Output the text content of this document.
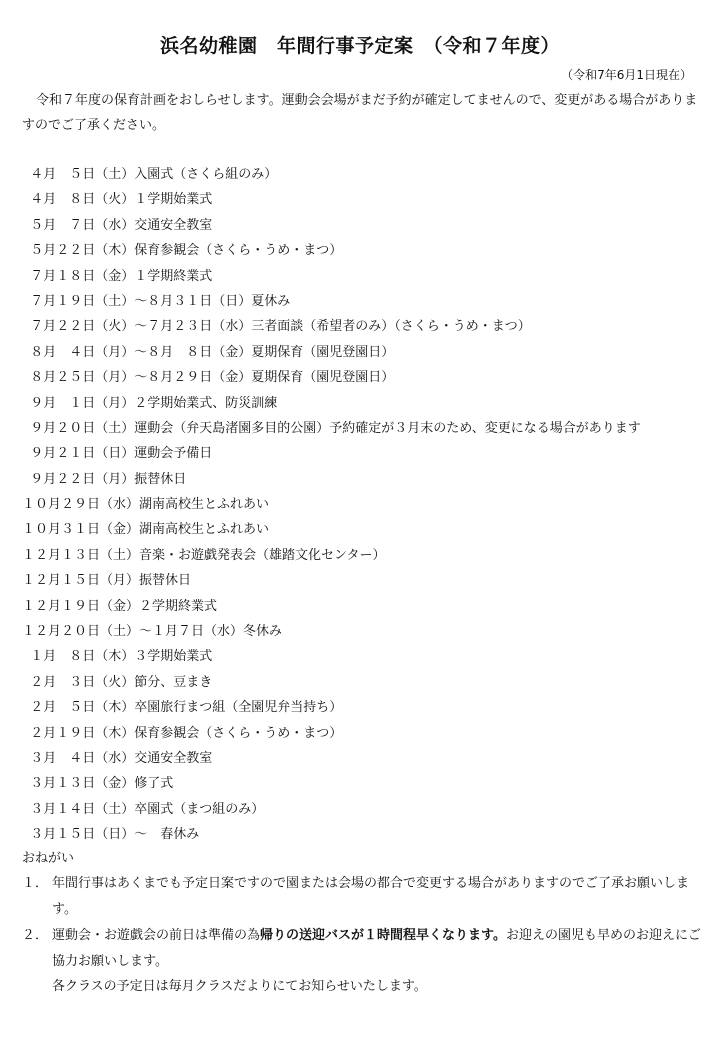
浜名幼稚園　年間行事予定案　（令和７年度）
（令和7年6月1日現在）
令和７年度の保育計画をおしらせします。運動会会場がまだ予約が確定してませんので、変更がある場合がありますのでご了承ください。
４月　５日（土）入園式（さくら組のみ）
４月　８日（火）１学期始業式
５月　７日（水）交通安全教室
５月２２日（木）保育参観会（さくら・うめ・まつ）
７月１８日（金）１学期終業式
７月１９日（土）～８月３１日（日）夏休み
７月２２日（火）～７月２３日（水）三者面談（希望者のみ）（さくら・うめ・まつ）
８月　４日（月）～８月　８日（金）夏期保育（園児登園日）
８月２５日（月）～８月２９日（金）夏期保育（園児登園日）
９月　１日（月）２学期始業式、防災訓練
９月２０日（土）運動会（弁天島渚園多目的公園）予約確定が３月末のため、変更になる場合があります
９月２１日（日）運動会予備日
９月２２日（月）振替休日
１０月２９日（水）湖南高校生とふれあい
１０月３１日（金）湖南高校生とふれあい
１２月１３日（土）音楽・お遊戯発表会（雄踏文化センター）
１２月１５日（月）振替休日
１２月１９日（金）２学期終業式
１２月２０日（土）～１月７日（水）冬休み
１月　８日（木）３学期始業式
２月　３日（火）節分、豆まき
２月　５日（木）卒園旅行まつ組（全園児弁当持ち）
２月１９日（木）保育参観会（さくら・うめ・まつ）
３月　４日（水）交通安全教室
３月１３日（金）修了式
３月１４日（土）卒園式（まつ組のみ）
３月１５日（日）～　春休み
おねがい
１． 年間行事はあくまでも予定日案ですので園または会場の都合で変更する場合がありますのでご了承お願いします。
２． 運動会・お遊戯会の前日は準備の為帰りの送迎バスが１時間程早くなります。お迎えの園児も早めのお迎えにご協力お願いします。
各クラスの予定日は毎月クラスだよりにてお知らせいたします。
